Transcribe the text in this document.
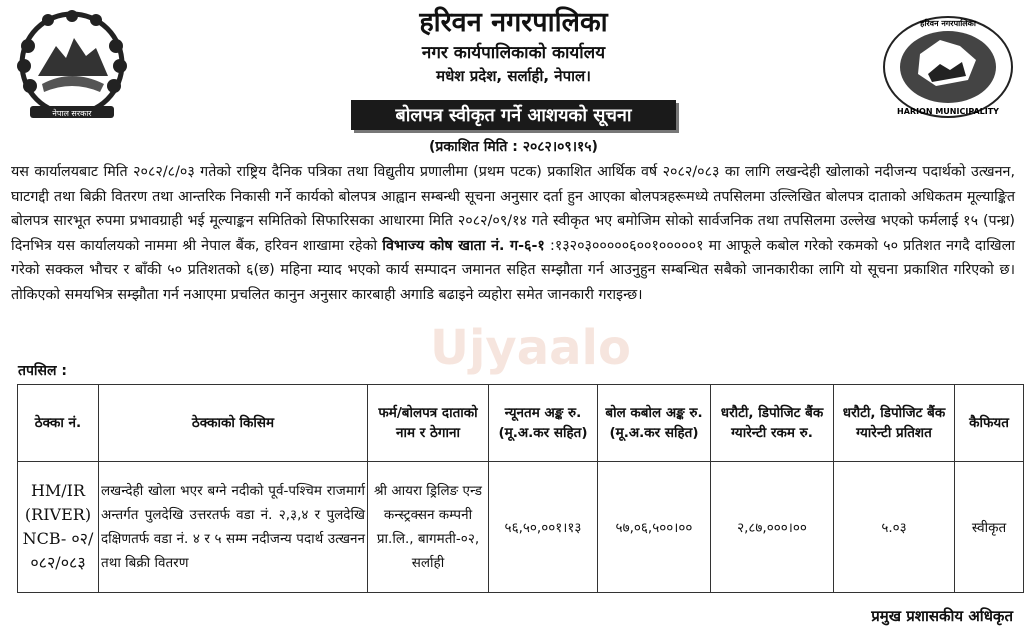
नेपाल सरकार
हरिवन नगरपालिका
HARION MUNICIPALITY
हरिवन नगरपालिका
नगर कार्यपालिकाको कार्यालय
मधेश प्रदेश, सर्लाही, नेपाल।
बोलपत्र स्वीकृत गर्ने आशयको सूचना
(प्रकाशित मिति : २०८२।०९।१५)
Ujyaalo
यस कार्यालयबाट मिति २०८२/८/०३ गतेको राष्ट्रिय दैनिक पत्रिका तथा विद्युतीय प्रणालीमा (प्रथम पटक) प्रकाशित आर्थिक वर्ष २०८२/०८३ का लागि लखन्देही खोलाको नदीजन्य पदार्थको उत्खनन, घाटगद्दी तथा बिक्री वितरण तथा आन्तरिक निकासी गर्ने कार्यको बोलपत्र आह्वान सम्बन्धी सूचना अनुसार दर्ता हुन आएका बोलपत्रहरूमध्ये तपसिलमा उल्लिखित बोलपत्र दाताको अधिकतम मूल्याङ्कित बोलपत्र सारभूत रुपमा प्रभावग्राही भई मूल्याङ्कन समितिको सिफारिसका आधारमा मिति २०८२/०९/१४ गते स्वीकृत भए बमोजिम सोको सार्वजनिक तथा तपसिलमा उल्लेख भएको फर्मलाई १५ (पन्ध्र) दिनभित्र यस कार्यालयको नाममा श्री नेपाल बैंक, हरिवन शाखामा रहेको विभाज्य कोष खाता नं. ग-६-१ :१३२०३०००००६००१०००००१ मा आफूले कबोल गरेको रकमको ५० प्रतिशत नगदै दाखिला गरेको सक्कल भौचर र बाँकी ५० प्रतिशतको ६(छ) महिना म्याद भएको कार्य सम्पादन जमानत सहित सम्झौता गर्न आउनुहुन सम्बन्धित सबैको जानकारीका लागि यो सूचना प्रकाशित गरिएको छ। तोकिएको समयभित्र सम्झौता गर्न नआएमा प्रचलित कानुन अनुसार कारबाही अगाडि बढाइने व्यहोरा समेत जानकारी गराइन्छ।
तपसिल :
ठेक्का नं.	ठेक्काको किसिम	फर्म/बोलपत्र दाताको नाम र ठेगाना	न्यूनतम अङ्क रु. (मू.अ.कर सहित)	बोल कबोल अङ्क रु. (मू.अ.कर सहित)	धरौटी, डिपोजिट बैंक ग्यारेन्टी रकम रु.	धरौटी, डिपोजिट बैंक ग्यारेन्टी प्रतिशत	कैफियत
HM/IR (RIVER) NCB- ०२/ ०८२/०८३	लखन्देही खोला भएर बग्ने नदीको पूर्व-पश्चिम राजमार्ग अन्तर्गत पुलदेखि उत्तरतर्फ वडा नं. २,३,४ र पुलदेखि दक्षिणतर्फ वडा नं. ४ र ५ सम्म नदीजन्य पदार्थ उत्खनन तथा बिक्री वितरण	श्री आयरा ड्रिलिङ एन्ड कन्स्ट्रक्सन कम्पनी प्रा.लि., बागमती-०२, सर्लाही	५६,५०,००१।१३	५७,०६,५००।००	२,८७,०००।००	५.०३	स्वीकृत
प्रमुख प्रशासकीय अधिकृत
